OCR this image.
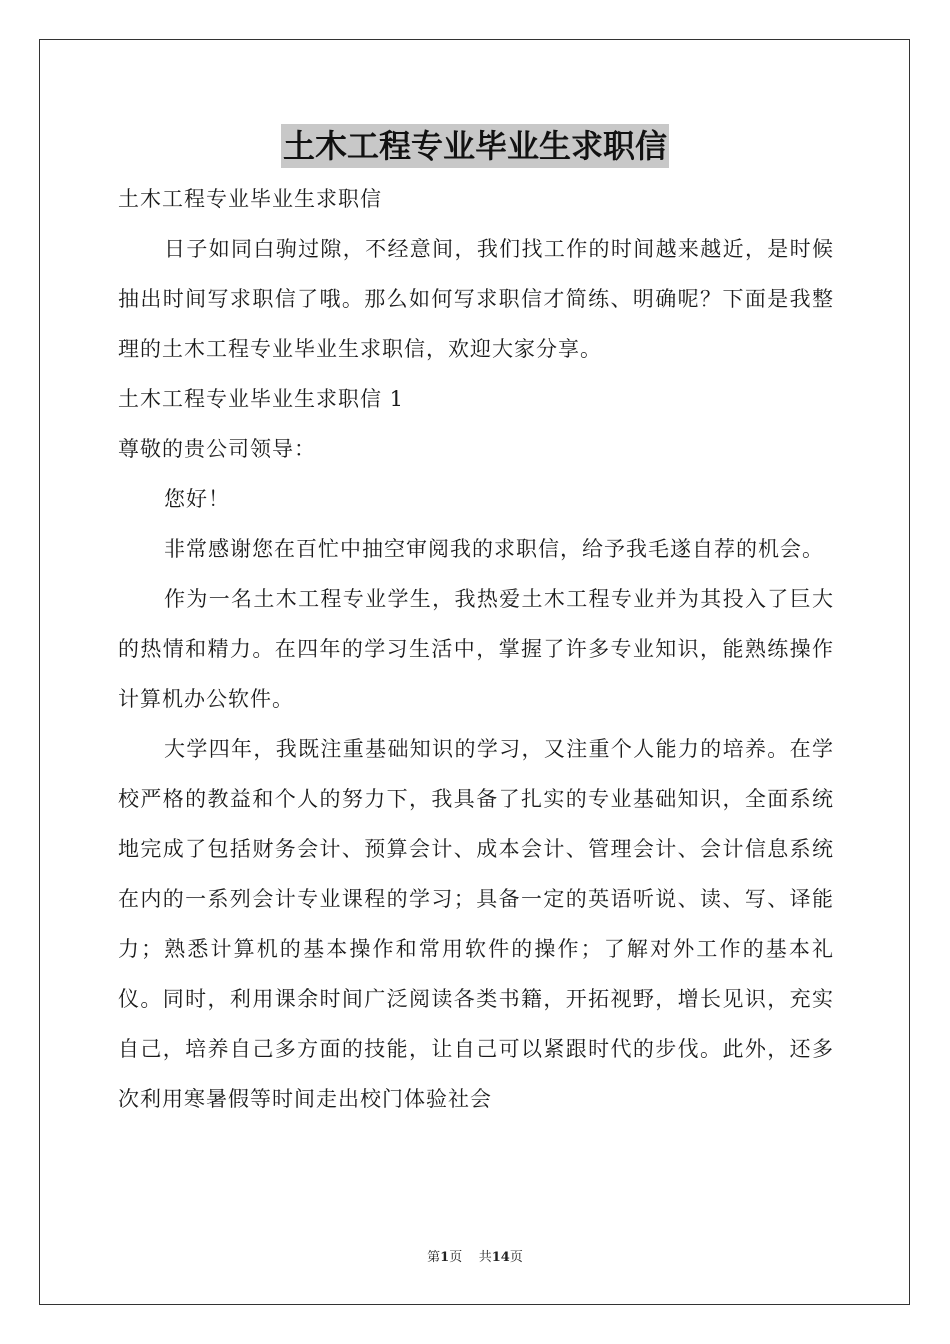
土木工程专业毕业生求职信

土木工程专业毕业生求职信

日子如同白驹过隙，不经意间，我们找工作的时间越来越近，是时候抽出时间写求职信了哦。那么如何写求职信才简练、明确呢？下面是我整理的土木工程专业毕业生求职信，欢迎大家分享。

土木工程专业毕业生求职信 1

尊敬的贵公司领导：

您好！

非常感谢您在百忙中抽空审阅我的求职信，给予我毛遂自荐的机会。

作为一名土木工程专业学生，我热爱土木工程专业并为其投入了巨大的热情和精力。在四年的学习生活中，掌握了许多专业知识，能熟练操作计算机办公软件。

大学四年，我既注重基础知识的学习，又注重个人能力的培养。在学校严格的教益和个人的努力下，我具备了扎实的专业基础知识，全面系统地完成了包括财务会计、预算会计、成本会计、管理会计、会计信息系统在内的一系列会计专业课程的学习；具备一定的英语听说、读、写、译能力；熟悉计算机的基本操作和常用软件的操作；了解对外工作的基本礼仪。同时，利用课余时间广泛阅读各类书籍，开拓视野，增长见识，充实自己，培养自己多方面的技能，让自己可以紧跟时代的步伐。此外，还多次利用寒暑假等时间走出校门体验社会

第1页 共14页
